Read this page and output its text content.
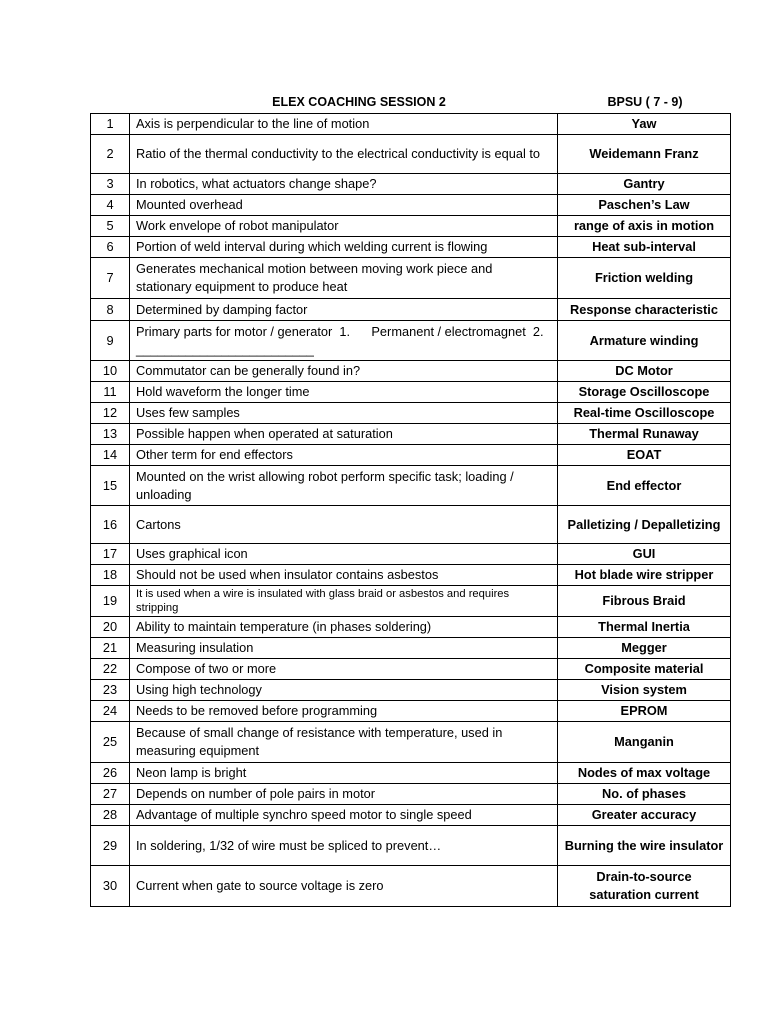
ELEX COACHING SESSION 2	BPSU ( 7 - 9)
1	Axis is perpendicular to the line of motion	Yaw
2	Ratio of the thermal conductivity to the electrical conductivity is equal to	Weidemann Franz
3	In robotics, what actuators change shape?	Gantry
4	Mounted overhead	Paschen’s Law
5	Work envelope of robot manipulator	range of axis in motion
6	Portion of weld interval during which welding current is flowing	Heat sub-interval
7	Generates mechanical motion between moving work piece and stationary equipment to produce heat	Friction welding
8	Determined by damping factor	Response characteristic
9	Primary parts for motor / generator  1.      Permanent / electromagnet  2. _________________________	Armature winding
10	Commutator can be generally found in?	DC Motor
11	Hold waveform the longer time	Storage Oscilloscope
12	Uses few samples	Real-time Oscilloscope
13	Possible happen when operated at saturation	Thermal Runaway
14	Other term for end effectors	EOAT
15	Mounted on the wrist allowing robot perform specific task; loading / unloading	End effector
16	Cartons	Palletizing / Depalletizing
17	Uses graphical icon	GUI
18	Should not be used when insulator contains asbestos	Hot blade wire stripper
19	It is used when a wire is insulated with glass braid or asbestos and requires stripping	Fibrous Braid
20	Ability to maintain temperature (in phases soldering)	Thermal Inertia
21	Measuring insulation	Megger
22	Compose of two or more	Composite material
23	Using high technology	Vision system
24	Needs to be removed before programming	EPROM
25	Because of small change of resistance with temperature, used in measuring equipment	Manganin
26	Neon lamp is bright	Nodes of max voltage
27	Depends on number of pole pairs in motor	No. of phases
28	Advantage of multiple synchro speed motor to single speed	Greater accuracy
29	In soldering, 1/32 of wire must be spliced to prevent…	Burning the wire insulator
30	Current when gate to source voltage is zero	Drain-to-source saturation current
